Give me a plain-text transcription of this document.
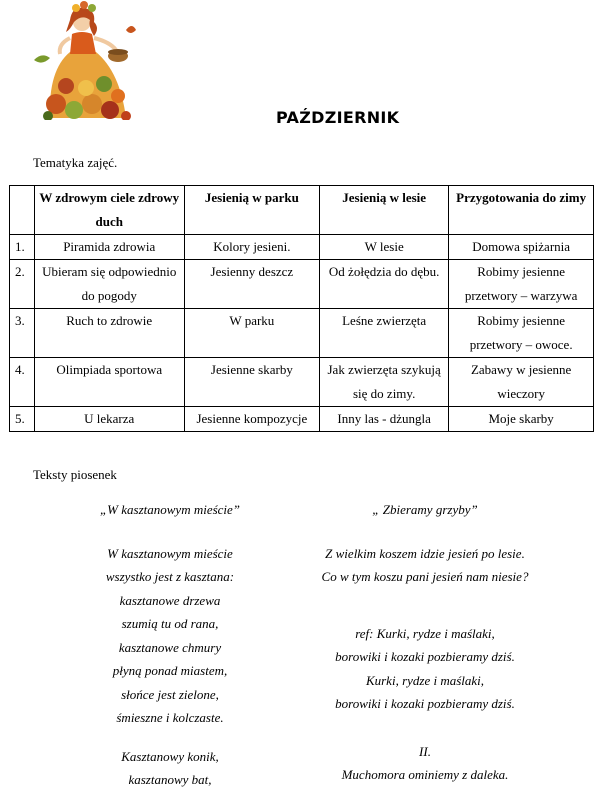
PAŹDZIERNIK
Tematyka zajęć.
	W zdrowym ciele zdrowy duch	Jesienią w parku	Jesienią w lesie	Przygotowania do zimy
1.	Piramida zdrowia	Kolory jesieni.	W lesie	Domowa spiżarnia
2.	Ubieram się odpowiednio do pogody	Jesienny deszcz	Od żołędzia do dębu.	Robimy jesienne przetwory – warzywa
3.	Ruch to zdrowie	W parku	Leśne zwierzęta	Robimy jesienne przetwory – owoce.
4.	Olimpiada sportowa	Jesienne skarby	Jak zwierzęta szykują się do zimy.	Zabawy w jesienne wieczory
5.	U lekarza	Jesienne kompozycje	Inny las - dżungla	Moje skarby
Teksty piosenek
„W kasztanowym mieście”
W kasztanowym mieście
wszystko jest z kasztana:
kasztanowe drzewa
szumią tu od rana,
kasztanowe chmury
płyną ponad miastem,
słońce jest zielone,
śmieszne i kolczaste.
Kasztanowy konik,
kasztanowy bat,
„ Zbieramy grzyby”
Z wielkim koszem idzie jesień po lesie.
Co w tym koszu pani jesień nam niesie?
ref: Kurki, rydze i maślaki,
borowiki i kozaki pozbieramy dziś.
Kurki, rydze i maślaki,
borowiki i kozaki pozbieramy dziś.
II.
Muchomora ominiemy z daleka.
